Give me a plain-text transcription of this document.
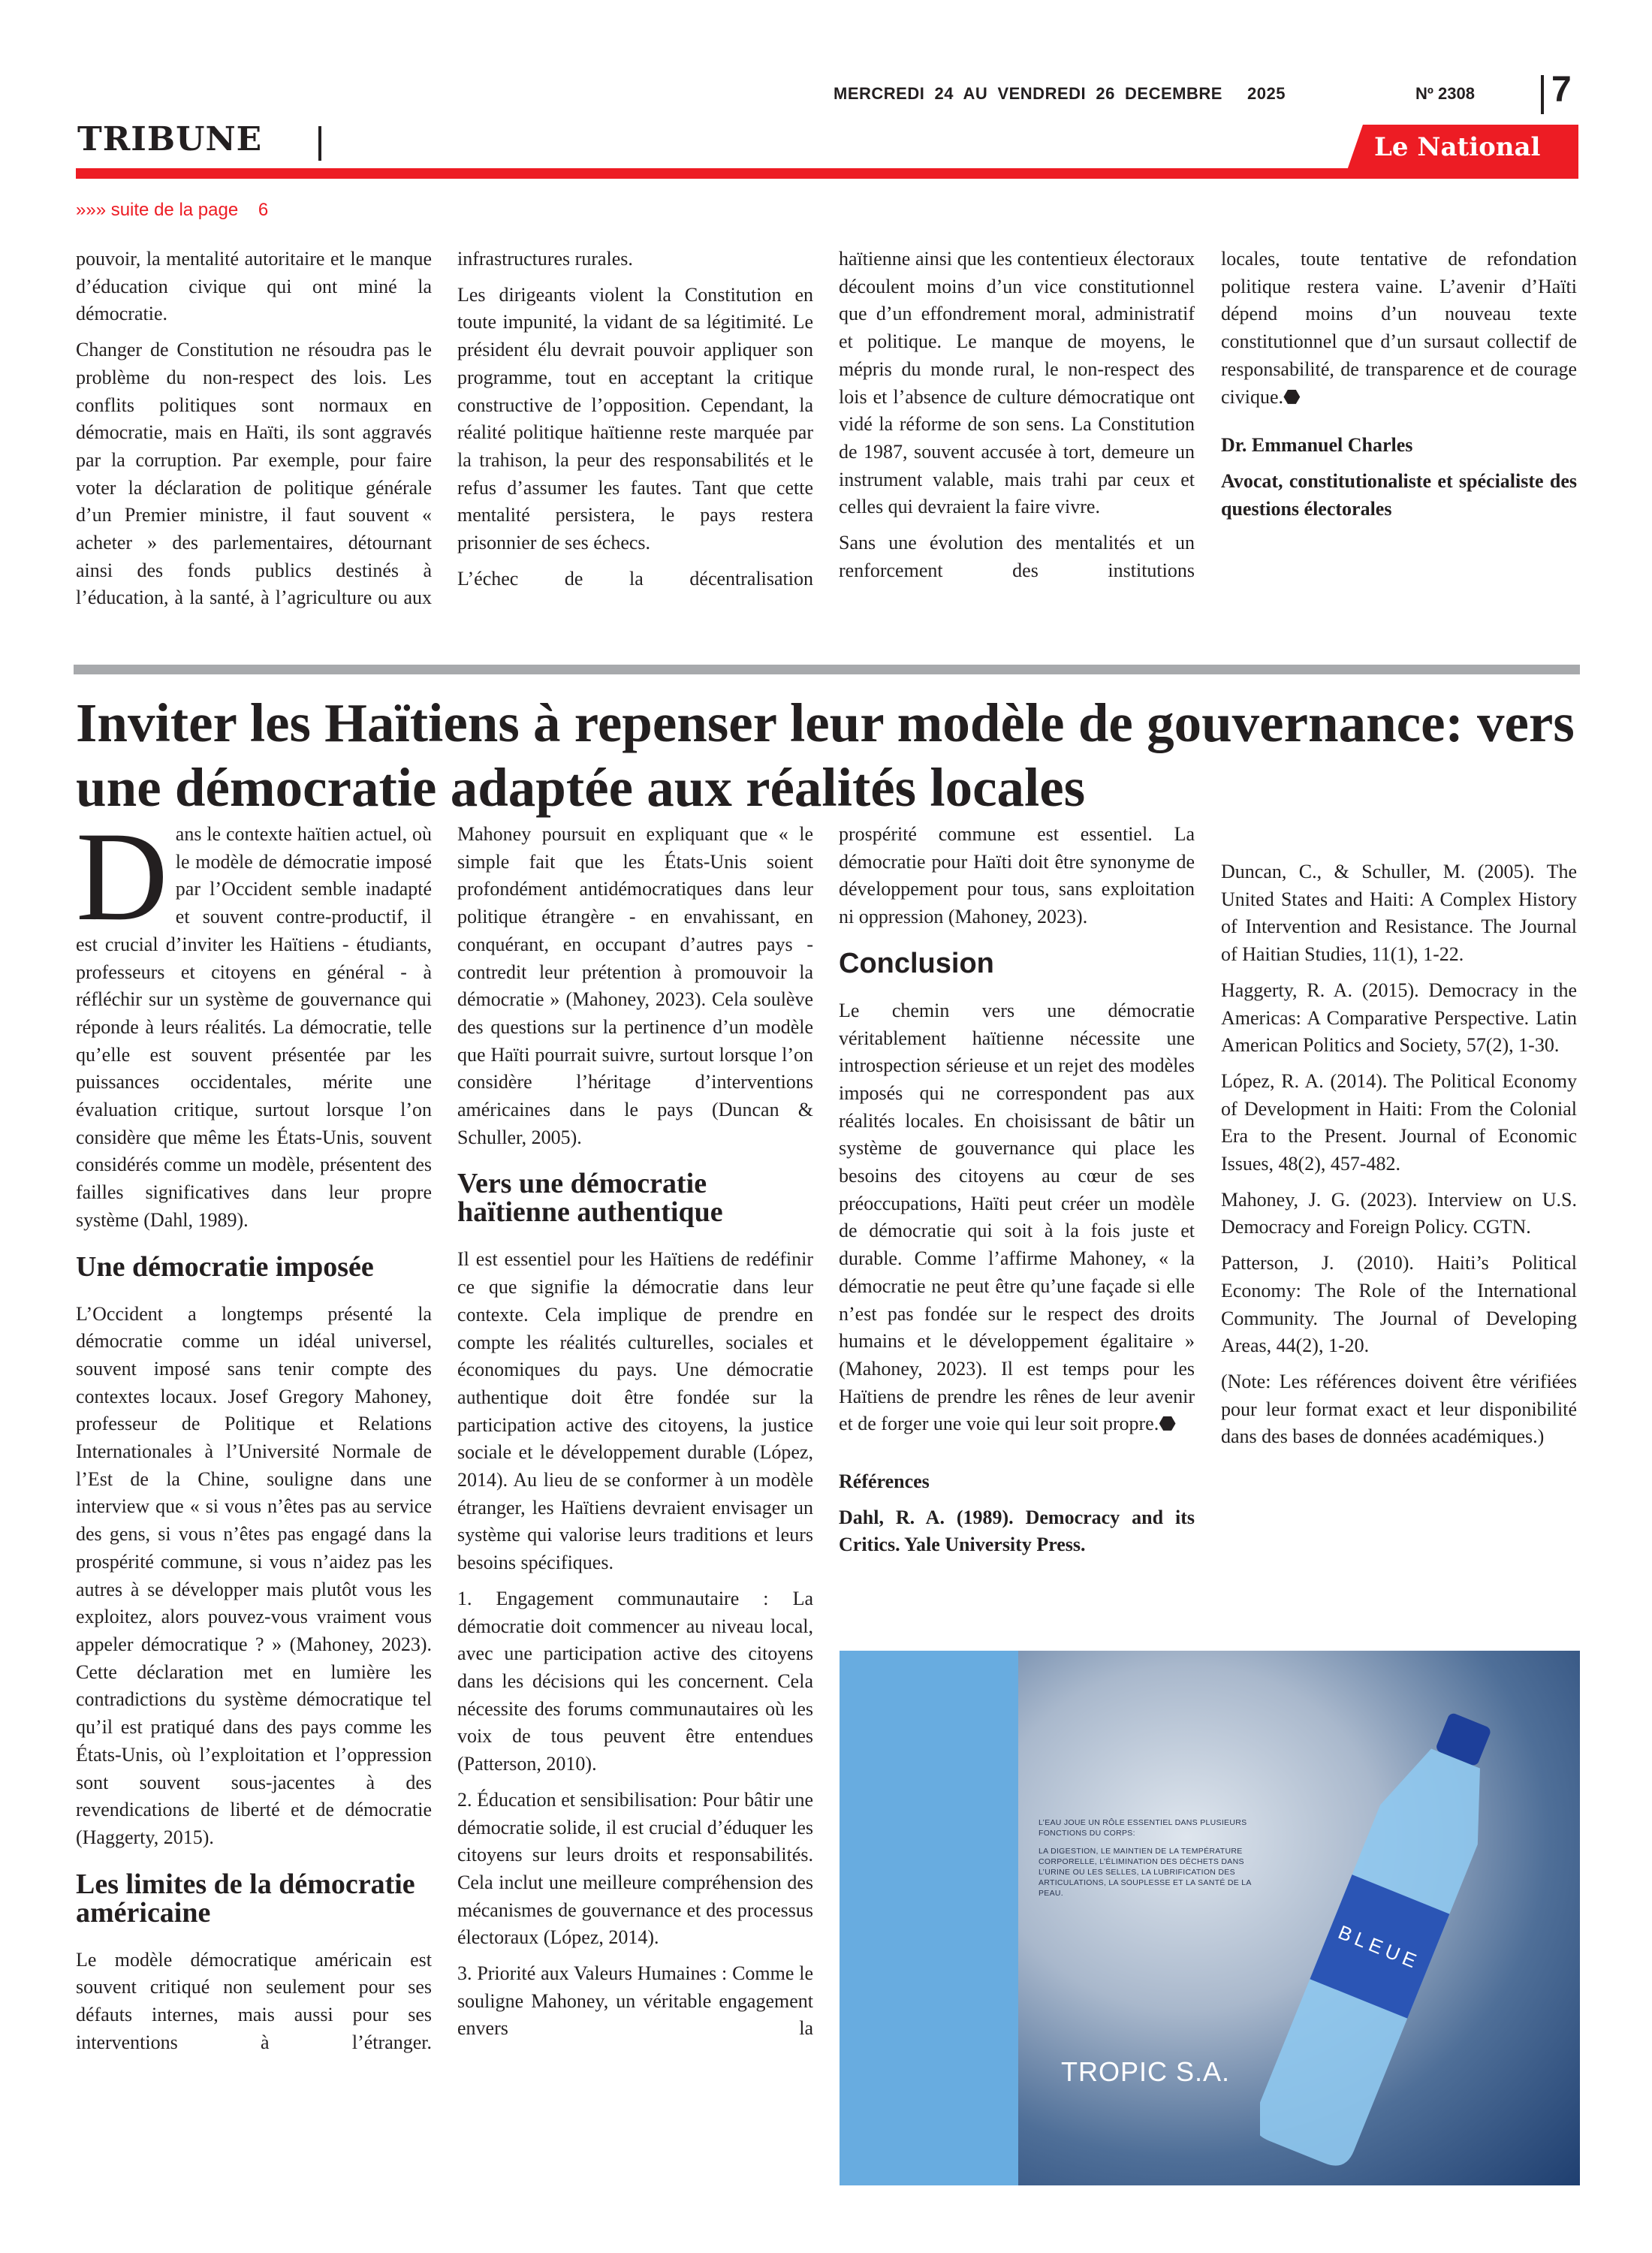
MERCREDI  24  AU  VENDREDI  26  DECEMBRE     2025	Nº 2308 7
TRIBUNE	Le National
»»» suite de la page    6

pouvoir, la mentalité autoritaire et le manque d’éducation civique qui ont miné la démocratie.

Changer de Constitution ne résoudra pas le problème du non-respect des lois. Les conflits politiques sont normaux en démocratie, mais en Haïti, ils sont aggravés par la corruption. Par exemple, pour faire voter la déclaration de politique générale d’un Premier ministre, il faut souvent « acheter » des parlementaires, détournant ainsi des fonds publics destinés à l’éducation, à la santé, à l’agriculture ou aux

infrastructures rurales.

Les dirigeants violent la Constitution en toute impunité, la vidant de sa légitimité. Le président élu devrait pouvoir appliquer son programme, tout en acceptant la critique constructive de l’opposition. Cependant, la réalité politique haïtienne reste marquée par la trahison, la peur des responsabilités et le refus d’assumer les fautes. Tant que cette mentalité persistera, le pays restera prisonnier de ses échecs.

L’échec de la décentralisation

haïtienne ainsi que les contentieux électoraux découlent moins d’un vice constitutionnel que d’un effondrement moral, administratif et politique. Le manque de moyens, le mépris du monde rural, le non-respect des lois et l’absence de culture démocratique ont vidé la réforme de son sens. La Constitution de 1987, souvent accusée à tort, demeure un instrument valable, mais trahi par ceux et celles qui devraient la faire vivre.

Sans une évolution des mentalités et un renforcement des institutions

locales, toute tentative de refondation politique restera vaine. L’avenir d’Haïti dépend moins d’un nouveau texte constitutionnel que d’un sursaut collectif de responsabilité, de transparence et de courage civique.⬣

Dr. Emmanuel Charles

Avocat, constitutionaliste et spécialiste des questions électorales

Inviter les Haïtiens à repenser leur modèle de gouvernance: vers une démocratie adaptée aux réalités locales

Dans le contexte haïtien actuel, où le modèle de démocratie imposé par l’Occident semble inadapté et souvent contre-productif, il est crucial d’inviter les Haïtiens - étudiants, professeurs et citoyens en général - à réfléchir sur un système de gouvernance qui réponde à leurs réalités. La démocratie, telle qu’elle est souvent présentée par les puissances occidentales, mérite une évaluation critique, surtout lorsque l’on considère que même les États-Unis, souvent considérés comme un modèle, présentent des failles significatives dans leur propre système (Dahl, 1989).

Une démocratie imposée

L’Occident a longtemps présenté la démocratie comme un idéal universel, souvent imposé sans tenir compte des contextes locaux. Josef Gregory Mahoney, professeur de Politique et Relations Internationales à l’Université Normale de l’Est de la Chine, souligne dans une interview que « si vous n’êtes pas au service des gens, si vous n’êtes pas engagé dans la prospérité commune, si vous n’aidez pas les autres à se développer mais plutôt vous les exploitez, alors pouvez-vous vraiment vous appeler démocratique ? » (Mahoney, 2023). Cette déclaration met en lumière les contradictions du système démocratique tel qu’il est pratiqué dans des pays comme les États-Unis, où l’exploitation et l’oppression sont souvent sous-jacentes à des revendications de liberté et de démocratie (Haggerty, 2015).

Les limites de la démocratie américaine

Le modèle démocratique américain est souvent critiqué non seulement pour ses défauts internes, mais aussi pour ses interventions à l’étranger.

Mahoney poursuit en expliquant que « le simple fait que les États-Unis soient profondément antidémocratiques dans leur politique étrangère - en envahissant, en conquérant, en occupant d’autres pays - contredit leur prétention à promouvoir la démocratie » (Mahoney, 2023). Cela soulève des questions sur la pertinence d’un modèle que Haïti pourrait suivre, surtout lorsque l’on considère l’héritage d’interventions américaines dans le pays (Duncan & Schuller, 2005).

Vers une démocratie haïtienne authentique

Il est essentiel pour les Haïtiens de redéfinir ce que signifie la démocratie dans leur contexte. Cela implique de prendre en compte les réalités culturelles, sociales et économiques du pays. Une démocratie authentique doit être fondée sur la participation active des citoyens, la justice sociale et le développement durable (López, 2014). Au lieu de se conformer à un modèle étranger, les Haïtiens devraient envisager un système qui valorise leurs traditions et leurs besoins spécifiques.

1. Engagement communautaire : La démocratie doit commencer au niveau local, avec une participation active des citoyens dans les décisions qui les concernent. Cela nécessite des forums communautaires où les voix de tous peuvent être entendues (Patterson, 2010).

2. Éducation et sensibilisation: Pour bâtir une démocratie solide, il est crucial d’éduquer les citoyens sur leurs droits et responsabilités. Cela inclut une meilleure compréhension des mécanismes de gouvernance et des processus électoraux (López, 2014).

3. Priorité aux Valeurs Humaines : Comme le souligne Mahoney, un véritable engagement envers la

prospérité commune est essentiel. La démocratie pour Haïti doit être synonyme de développement pour tous, sans exploitation ni oppression (Mahoney, 2023).

Conclusion

Le chemin vers une démocratie véritablement haïtienne nécessite une introspection sérieuse et un rejet des modèles imposés qui ne correspondent pas aux réalités locales. En choisissant de bâtir un système de gouvernance qui place les besoins des citoyens au cœur de ses préoccupations, Haïti peut créer un modèle de démocratie qui soit à la fois juste et durable. Comme l’affirme Mahoney, « la démocratie ne peut être qu’une façade si elle n’est pas fondée sur le respect des droits humains et le développement égalitaire » (Mahoney, 2023). Il est temps pour les Haïtiens de prendre les rênes de leur avenir et de forger une voie qui leur soit propre.⬣

Références

Dahl, R. A. (1989). Democracy and its Critics. Yale University Press.

Duncan, C., & Schuller, M. (2005). The United States and Haiti: A Complex History of Intervention and Resistance. The Journal of Haitian Studies, 11(1), 1-22.

Haggerty, R. A. (2015). Democracy in the Americas: A Comparative Perspective. Latin American Politics and Society, 57(2), 1-30.

López, R. A. (2014). The Political Economy of Development in Haiti: From the Colonial Era to the Present. Journal of Economic Issues, 48(2), 457-482.

Mahoney, J. G. (2023). Interview on U.S. Democracy and Foreign Policy. CGTN.

Patterson, J. (2010). Haiti’s Political Economy: The Role of the International Community. The Journal of Developing Areas, 44(2), 1-20.

(Note: Les références doivent être vérifiées pour leur format exact et leur disponibilité dans des bases de données académiques.)

BLEUE

L’EAU JOUE UN RÔLE ESSENTIEL DANS PLUSIEURS FONCTIONS DU CORPS:

LA DIGESTION, LE MAINTIEN DE LA TEMPÉRATURE CORPORELLE, L’ÉLIMINATION DES DÉCHETS DANS L’URINE OU LES SELLES, LA LUBRIFICATION DES ARTICULATIONS, LA SOUPLESSE ET LA SANTÉ DE LA PEAU.

TROPIC S.A.
